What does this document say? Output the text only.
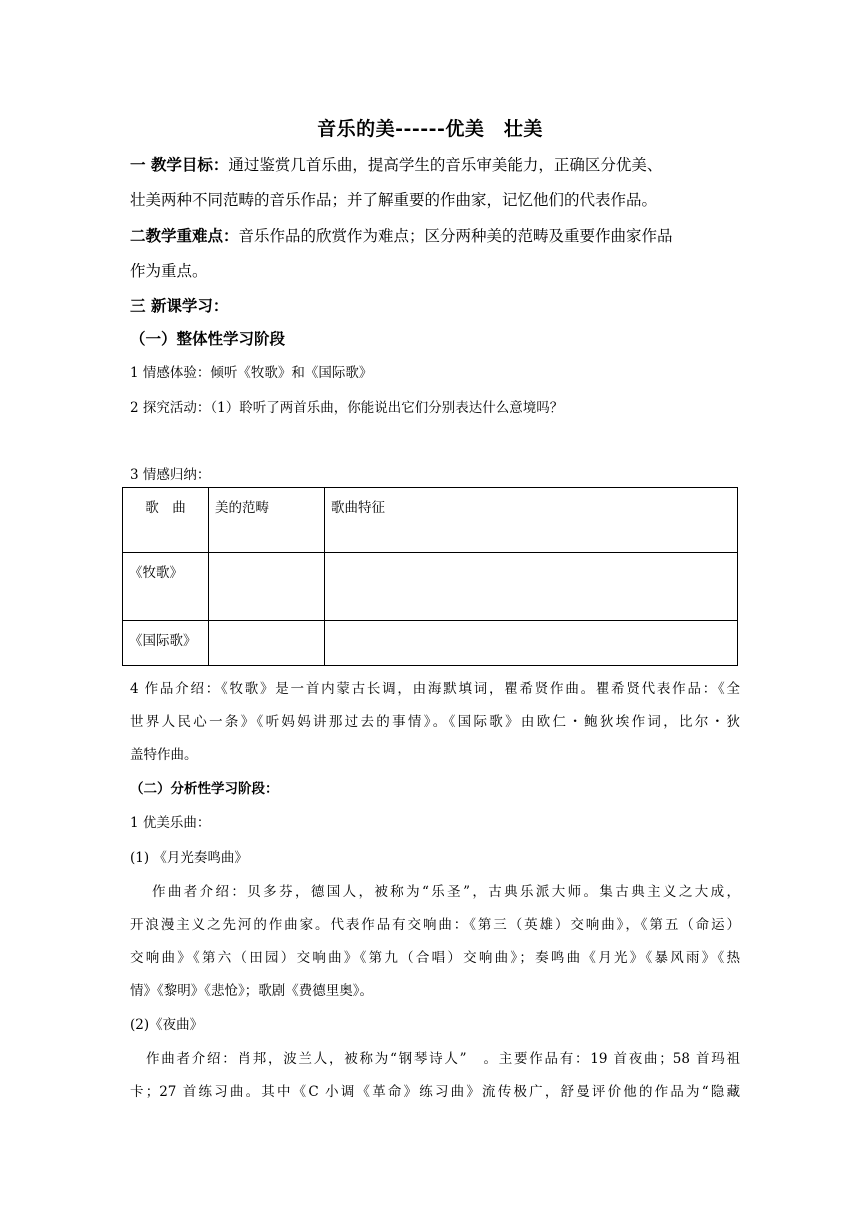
音乐的美------优美　壮美
一 教学目标：通过鉴赏几首乐曲，提高学生的音乐审美能力，正确区分优美、
壮美两种不同范畴的音乐作品；并了解重要的作曲家，记忆他们的代表作品。
二教学重难点：音乐作品的欣赏作为难点；区分两种美的范畴及重要作曲家作品
作为重点。
三 新课学习：
（一）整体性学习阶段
1 情感体验：倾听《牧歌》和《国际歌》
2 探究活动：（1）聆听了两首乐曲，你能说出它们分别表达什么意境吗？
3 情感归纳：
歌　曲	美的范畴	歌曲特征
《牧歌》		
《国际歌》		
4 作品介绍：《牧歌》是一首内蒙古长调，由海默填词，瞿希贤作曲。瞿希贤代表作品：《全
世界人民心一条》《听妈妈讲那过去的事情》。《国际歌》由欧仁・鲍狄埃作词，比尔・狄
盖特作曲。
（二）分析性学习阶段：
1 优美乐曲：
(1) 《月光奏鸣曲》
作曲者介绍：贝多芬，德国人，被称为“乐圣”，古典乐派大师。集古典主义之大成，
开浪漫主义之先河的作曲家。代表作品有交响曲：《第三（英雄）交响曲》，《第五（命运）
交响曲》《第六（田园）交响曲》《第九（合唱）交响曲》；奏鸣曲《月光》《暴风雨》《热
情》《黎明》《悲怆》；歌剧《费德里奥》。
(2)《夜曲》
作曲者介绍：肖邦，波兰人，被称为“钢琴诗人”　。主要作品有：19 首夜曲；58 首玛祖
卡；27 首练习曲。其中《C 小调《革命》练习曲》流传极广，舒曼评价他的作品为“隐藏
